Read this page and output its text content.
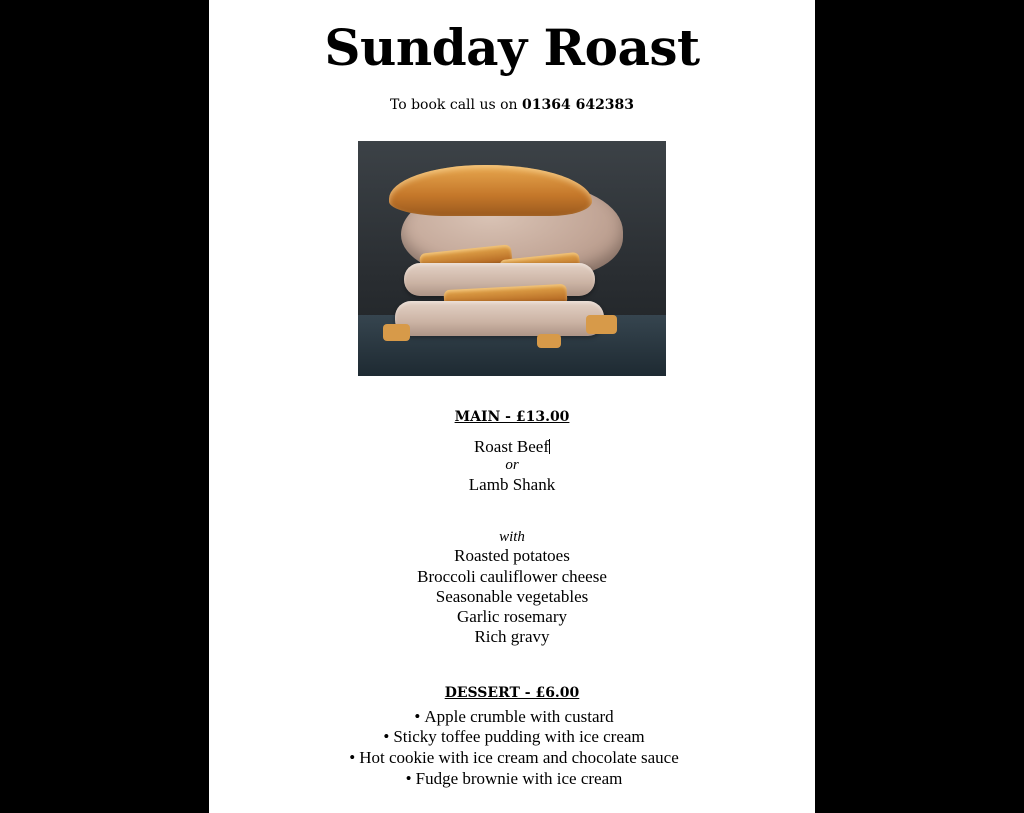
Sunday Roast
To book call us on 01364 642383
MAIN - £13.00
Roast Beef
or
Lamb Shank
with
Roasted potatoes
Broccoli cauliflower cheese
Seasonable vegetables
Garlic rosemary
Rich gravy
DESSERT - £6.00
• Apple crumble with custard
• Sticky toffee pudding with ice cream
• Hot cookie with ice cream and chocolate sauce
• Fudge brownie with ice cream
